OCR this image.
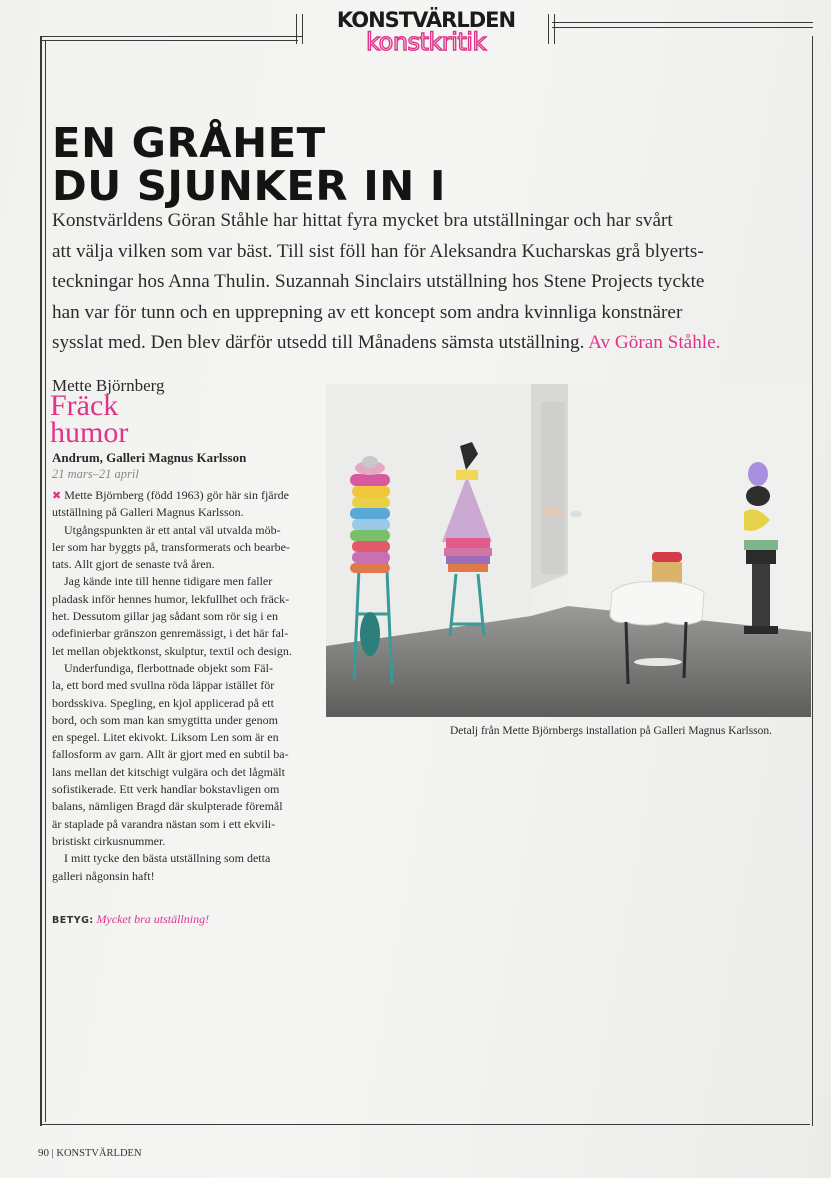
KONSTVÄRLDEN
konstkritik
EN GRÅHET
DU SJUNKER IN I

Konstvärldens Göran Ståhle har hittat fyra mycket bra utställningar och har svårt
att välja vilken som var bäst. Till sist föll han för Aleksandra Kucharskas grå blyerts-
teckningar hos Anna Thulin. Suzannah Sinclairs utställning hos Stene Projects tyckte
han var för tunn och en upprepning av ett koncept som andra kvinnliga konstnärer
sysslat med. Den blev därför utsedd till Månadens sämsta utställning. Av Göran Ståhle.

Mette Björnberg
Fräck
humor
Andrum, Galleri Magnus Karlsson
21 mars–21 april

✖ Mette Björnberg (född 1963) gör här sin fjärde
utställning på Galleri Magnus Karlsson.

Utgångspunkten är ett antal väl utvalda möb-
ler som har byggts på, transformerats och bearbe-
tats. Allt gjort de senaste två åren.

Jag kände inte till henne tidigare men faller
pladask inför hennes humor, lekfullhet och fräck-
het. Dessutom gillar jag sådant som rör sig i en
odefinierbar gränszon genremässigt, i det här fal-
let mellan objektkonst, skulptur, textil och design.

Underfundiga, flerbottnade objekt som Fäl-
la, ett bord med svullna röda läppar istället för
bordsskiva. Spegling, en kjol applicerad på ett
bord, och som man kan smygtitta under genom
en spegel. Litet ekivokt. Liksom Len som är en
fallosform av garn. Allt är gjort med en subtil ba-
lans mellan det kitschigt vulgära och det lågmält
sofistikerade. Ett verk handlar bokstavligen om
balans, nämligen Bragd där skulpterade föremål
är staplade på varandra nästan som i ett ekvili-
bristiskt cirkusnummer.

I mitt tycke den bästa utställning som detta
galleri någonsin haft!

BETYG: Mycket bra utställning!
Detalj från Mette Björnbergs installation på Galleri Magnus Karlsson.
90 | KONSTVÄRLDEN
